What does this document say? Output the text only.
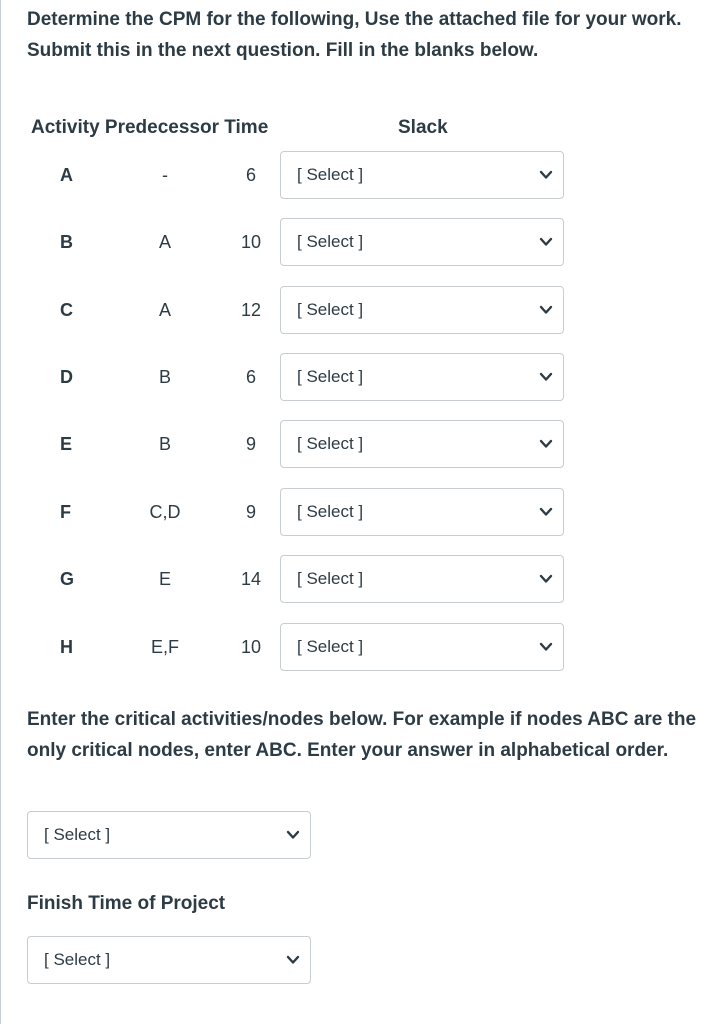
Determine the CPM for the following, Use the attached file for your work. Submit this in the next question. Fill in the blanks below.

Activity Predecessor Time	Slack
A	-	6	[ Select ]
B	A	10	[ Select ]
C	A	12	[ Select ]
D	B	6	[ Select ]
E	B	9	[ Select ]
F	C,D	9	[ Select ]
G	E	14	[ Select ]
H	E,F	10	[ Select ]

Enter the critical activities/nodes below. For example if nodes ABC are the only critical nodes, enter ABC. Enter your answer in alphabetical order.

[ Select ]

Finish Time of Project

[ Select ]
